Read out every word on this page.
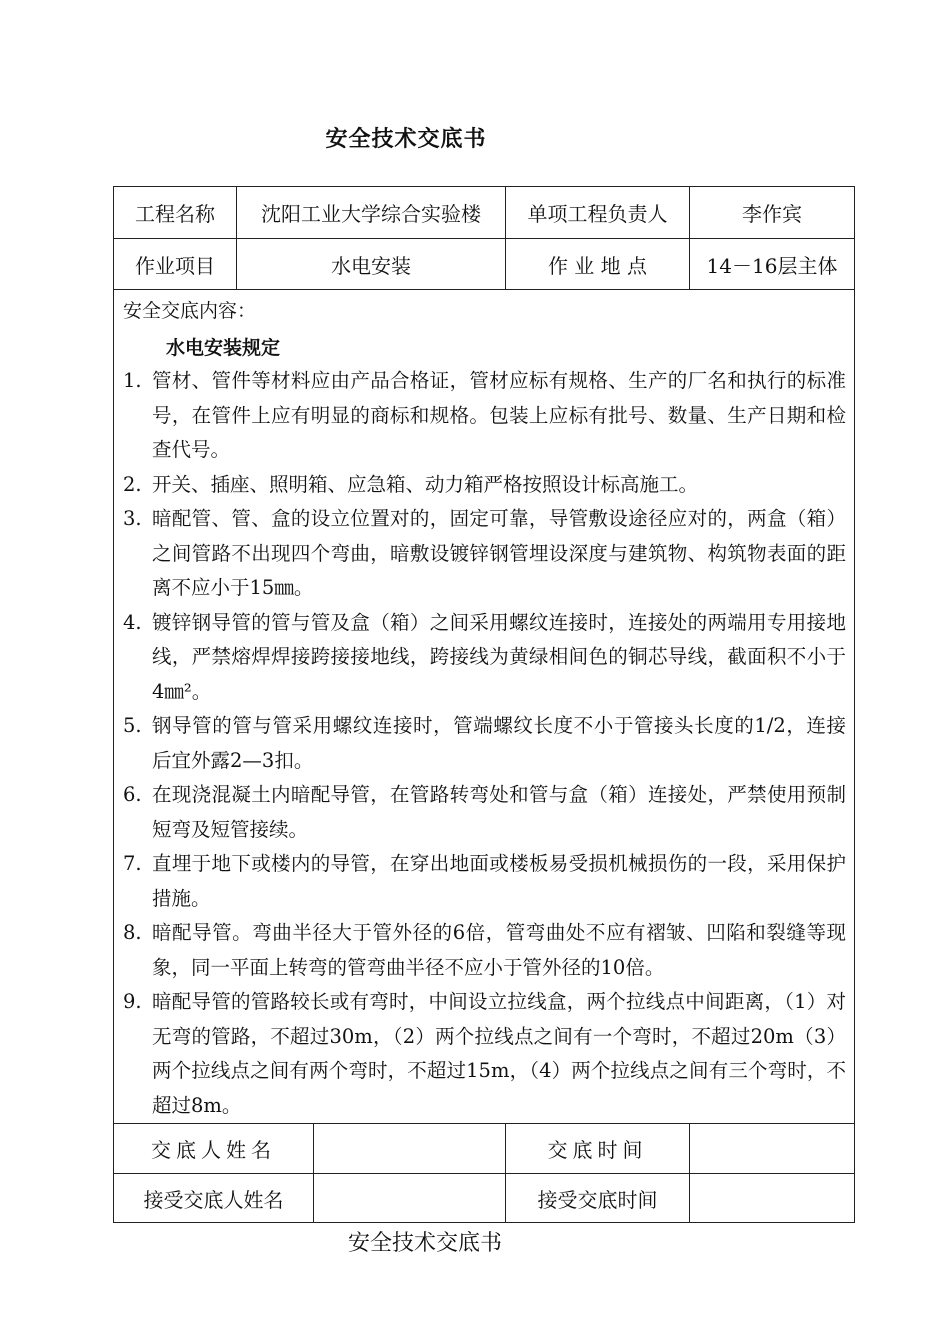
安全技术交底书
工程名称	沈阳工业大学综合实验楼	单项工程负责人	李作宾
作业项目	水电安装	作 业 地 点	14－16层主体
安全交底内容：
水电安装规定
1. 管材、管件等材料应由产品合格证，管材应标有规格、生产的厂名和执行的标准号，在管件上应有明显的商标和规格。包装上应标有批号、数量、生产日期和检查代号。
2. 开关、插座、照明箱、应急箱、动力箱严格按照设计标高施工。
3. 暗配管、管、盒的设立位置对的，固定可靠，导管敷设途径应对的，两盒（箱）之间管路不出现四个弯曲，暗敷设镀锌钢管埋设深度与建筑物、构筑物表面的距离不应小于15㎜。
4. 镀锌钢导管的管与管及盒（箱）之间采用螺纹连接时，连接处的两端用专用接地线，严禁熔焊焊接跨接接地线，跨接线为黄绿相间色的铜芯导线，截面积不小于4㎜²。
5. 钢导管的管与管采用螺纹连接时，管端螺纹长度不小于管接头长度的1/2，连接后宜外露2—3扣。
6. 在现浇混凝土内暗配导管，在管路转弯处和管与盒（箱）连接处，严禁使用预制短弯及短管接续。
7. 直埋于地下或楼内的导管，在穿出地面或楼板易受损机械损伤的一段，采用保护措施。
8. 暗配导管。弯曲半径大于管外径的6倍，管弯曲处不应有褶皱、凹陷和裂缝等现象，同一平面上转弯的管弯曲半径不应小于管外径的10倍。
9. 暗配导管的管路较长或有弯时，中间设立拉线盒，两个拉线点中间距离，（1）对无弯的管路，不超过30m，（2）两个拉线点之间有一个弯时，不超过20m（3）两个拉线点之间有两个弯时，不超过15m，（4）两个拉线点之间有三个弯时，不超过8m。
交底人姓名	交底时间
接受交底人姓名	接受交底时间
安全技术交底书
